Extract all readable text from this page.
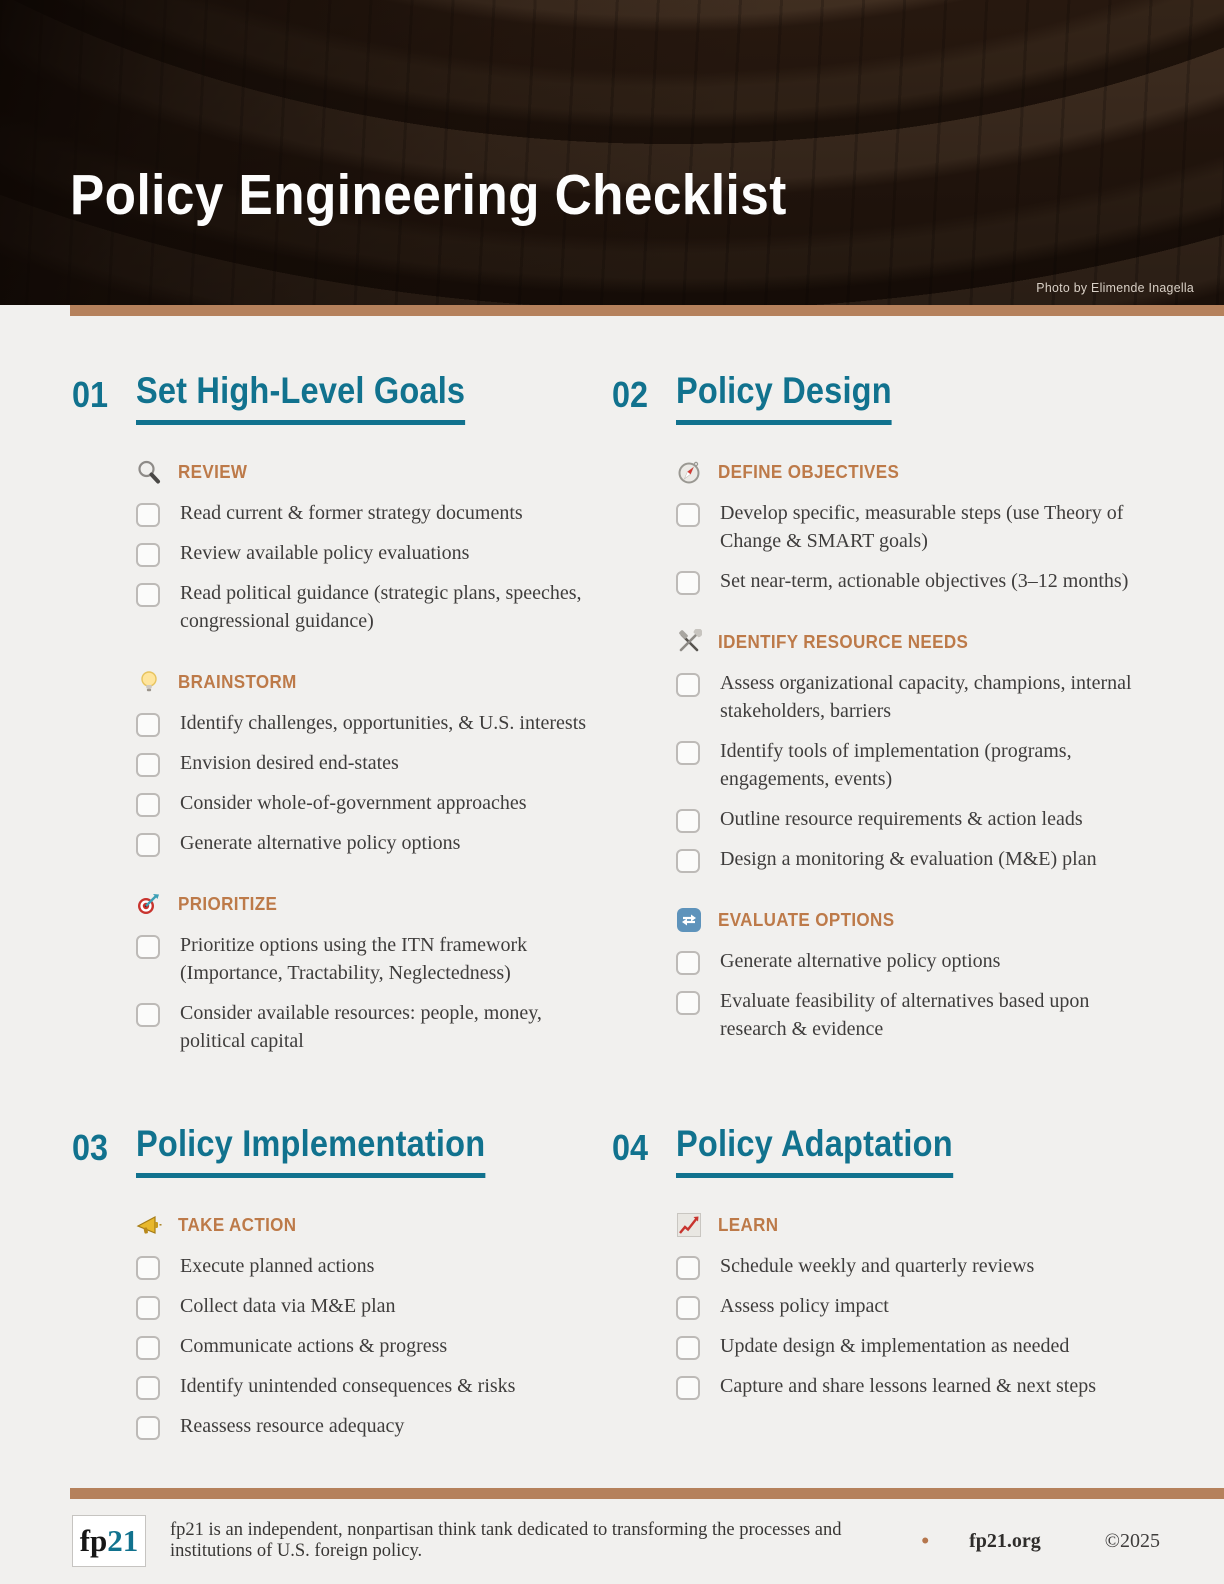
Policy Engineering Checklist
Photo by Elimende Inagella
01 Set High-Level Goals
REVIEW
Read current & former strategy documents
Review available policy evaluations
Read political guidance (strategic plans, speeches, congressional guidance)
BRAINSTORM
Identify challenges, opportunities, & U.S. interests
Envision desired end-states
Consider whole-of-government approaches
Generate alternative policy options
PRIORITIZE
Prioritize options using the ITN framework (Importance, Tractability, Neglectedness)
Consider available resources: people, money, political capital
02 Policy Design
DEFINE OBJECTIVES
Develop specific, measurable steps (use Theory of Change & SMART goals)
Set near-term, actionable objectives (3–12 months)
IDENTIFY RESOURCE NEEDS
Assess organizational capacity, champions, internal stakeholders, barriers
Identify tools of implementation (programs, engagements, events)
Outline resource requirements & action leads
Design a monitoring & evaluation (M&E) plan
EVALUATE OPTIONS
Generate alternative policy options
Evaluate feasibility of alternatives based upon research & evidence
03 Policy Implementation
TAKE ACTION
Execute planned actions
Collect data via M&E plan
Communicate actions & progress
Identify unintended consequences & risks
Reassess resource adequacy
04 Policy Adaptation
LEARN
Schedule weekly and quarterly reviews
Assess policy impact
Update design & implementation as needed
Capture and share lessons learned & next steps
fp 21 fp21 is an independent, nonpartisan think tank dedicated to transforming the processes and institutions of U.S. foreign policy.	• fp21.org	©2025
